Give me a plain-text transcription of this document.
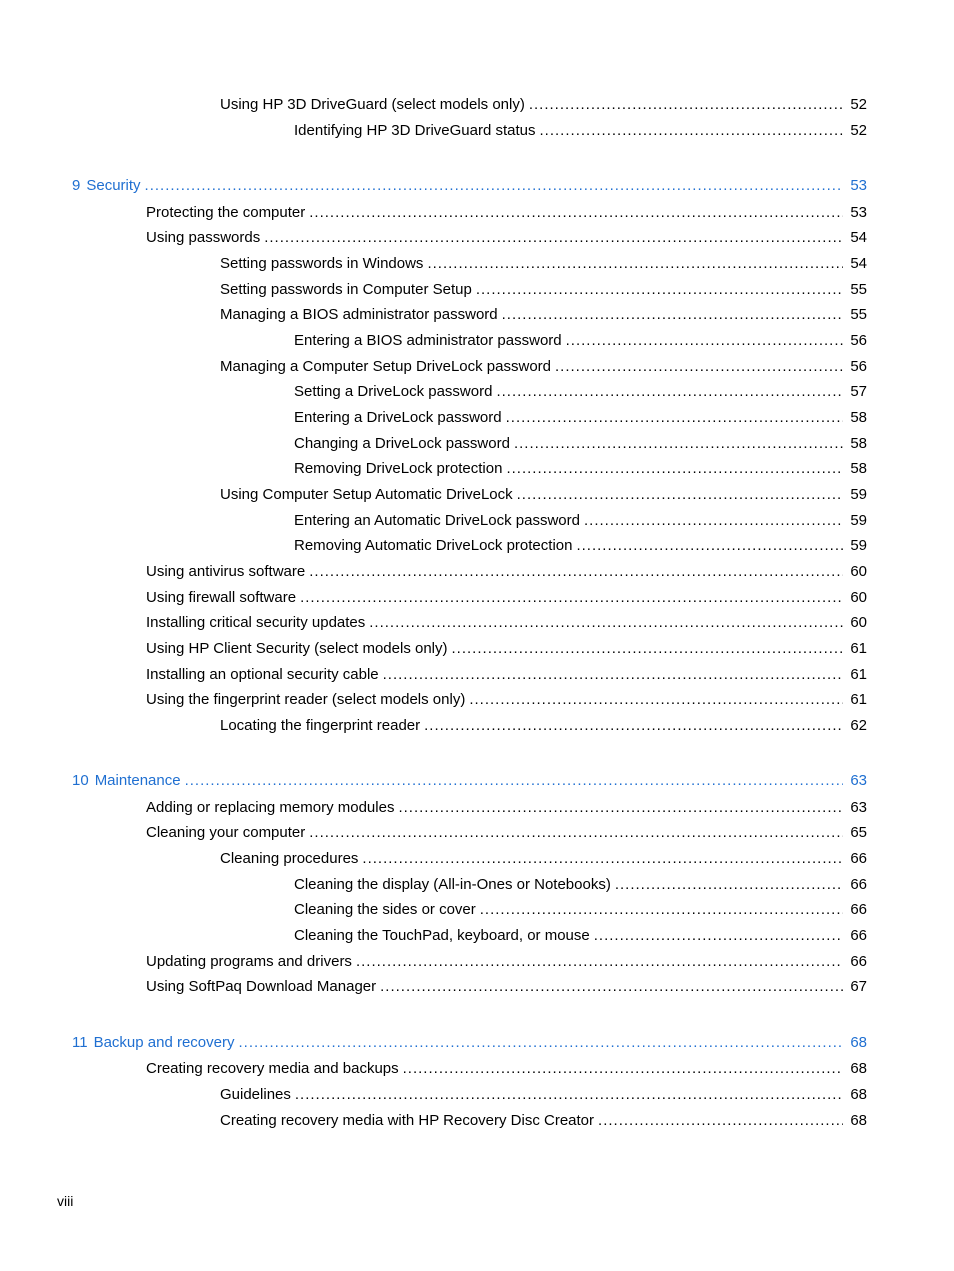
Using HP 3D DriveGuard (select models only) .....	52
Identifying HP 3D DriveGuard status .....	52
9 Security .....	53
Protecting the computer .....	53
Using passwords .....	54
Setting passwords in Windows .....	54
Setting passwords in Computer Setup .....	55
Managing a BIOS administrator password .....	55
Entering a BIOS administrator password .....	56
Managing a Computer Setup DriveLock password .....	56
Setting a DriveLock password .....	57
Entering a DriveLock password .....	58
Changing a DriveLock password .....	58
Removing DriveLock protection .....	58
Using Computer Setup Automatic DriveLock .....	59
Entering an Automatic DriveLock password .....	59
Removing Automatic DriveLock protection .....	59
Using antivirus software .....	60
Using firewall software .....	60
Installing critical security updates .....	60
Using HP Client Security (select models only) .....	61
Installing an optional security cable .....	61
Using the fingerprint reader (select models only) .....	61
Locating the fingerprint reader .....	62
10 Maintenance .....	63
Adding or replacing memory modules .....	63
Cleaning your computer .....	65
Cleaning procedures .....	66
Cleaning the display (All-in-Ones or Notebooks) .....	66
Cleaning the sides or cover .....	66
Cleaning the TouchPad, keyboard, or mouse .....	66
Updating programs and drivers .....	66
Using SoftPaq Download Manager .....	67
11 Backup and recovery .....	68
Creating recovery media and backups .....	68
Guidelines .....	68
Creating recovery media with HP Recovery Disc Creator .....	68
viii
